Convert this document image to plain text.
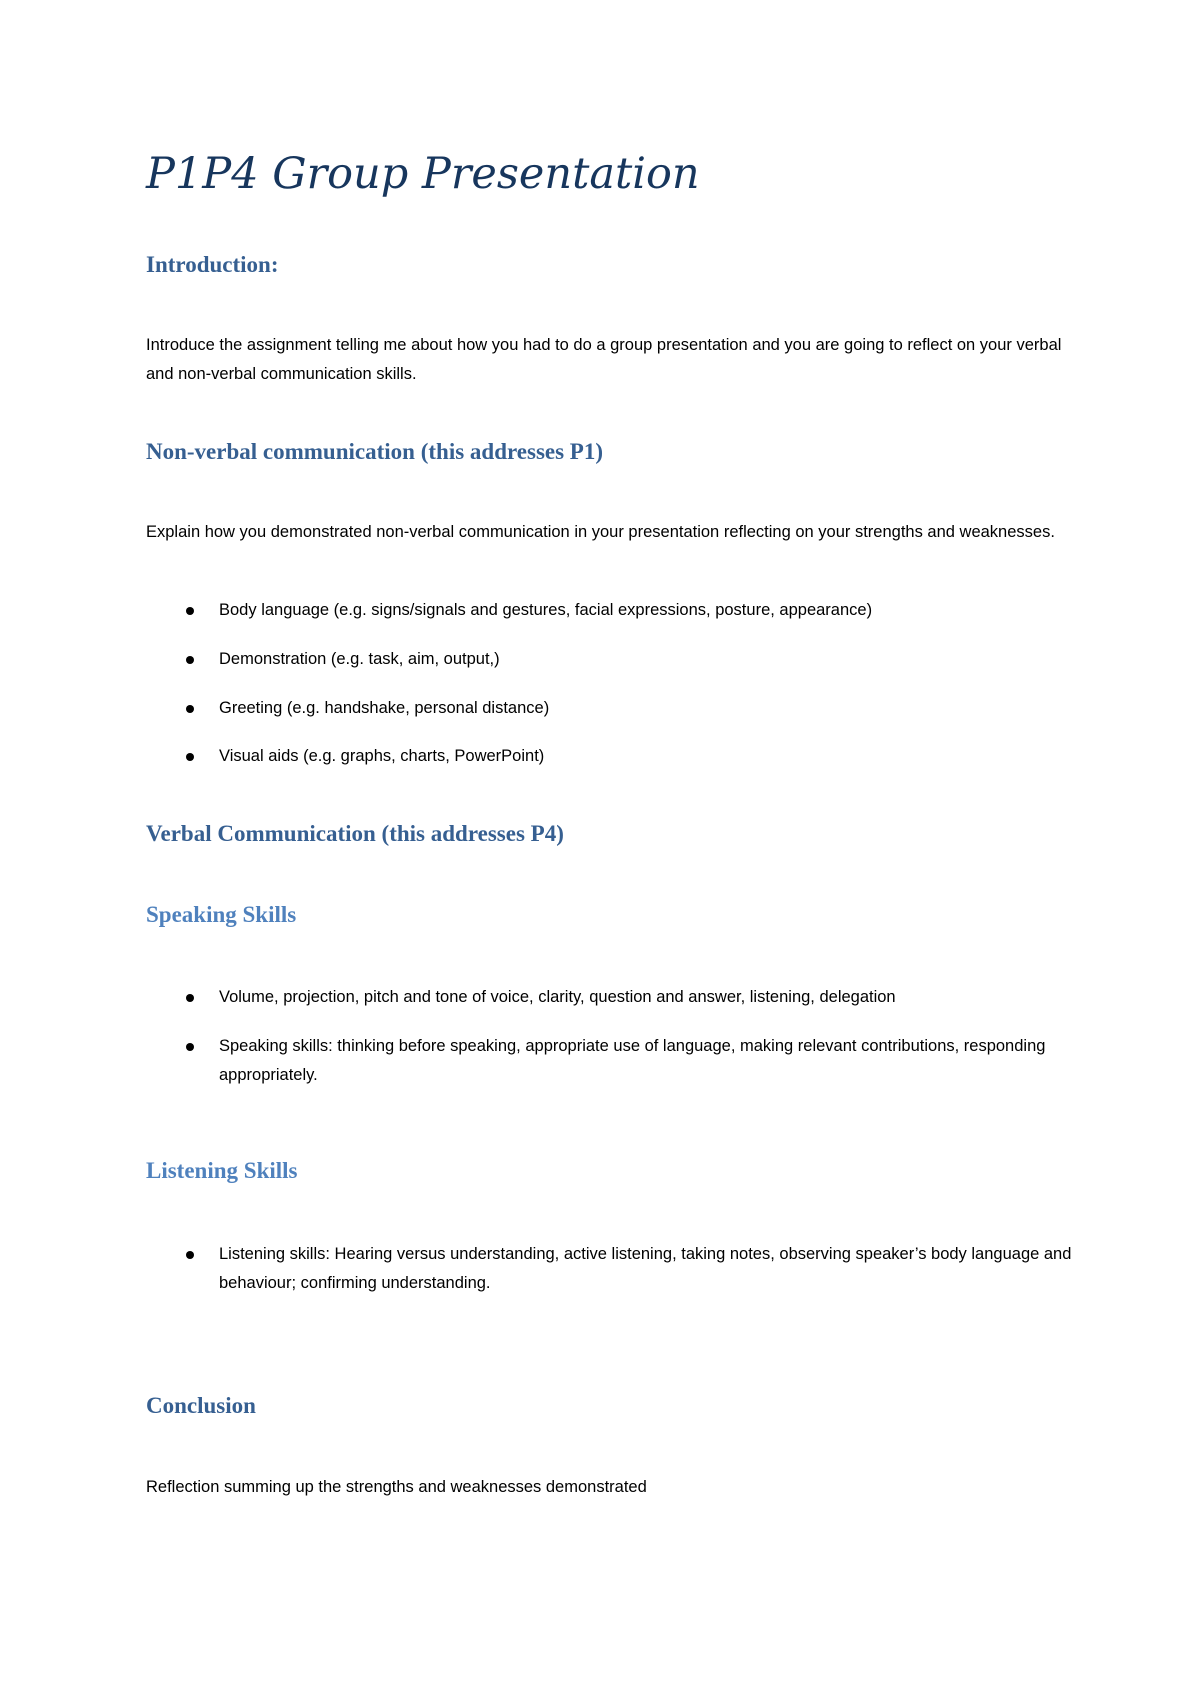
P1P4 Group Presentation
Introduction:

Introduce the assignment telling me about how you had to do a group presentation and you are going to reflect on your verbal and non-verbal communication skills.

Non-verbal communication (this addresses P1)

Explain how you demonstrated non-verbal communication in your presentation reflecting on your strengths and weaknesses.

Body language (e.g. signs/signals and gestures, facial expressions, posture, appearance)
Demonstration (e.g. task, aim, output,)
Greeting (e.g. handshake, personal distance)
Visual aids (e.g. graphs, charts, PowerPoint)
Verbal Communication (this addresses P4)
Speaking Skills
Volume, projection, pitch and tone of voice, clarity, question and answer, listening, delegation
Speaking skills: thinking before speaking, appropriate use of language, making relevant contributions, responding appropriately.
Listening Skills
Listening skills: Hearing versus understanding, active listening, taking notes, observing speaker’s body language and behaviour; confirming understanding.
Conclusion

Reflection summing up the strengths and weaknesses demonstrated
